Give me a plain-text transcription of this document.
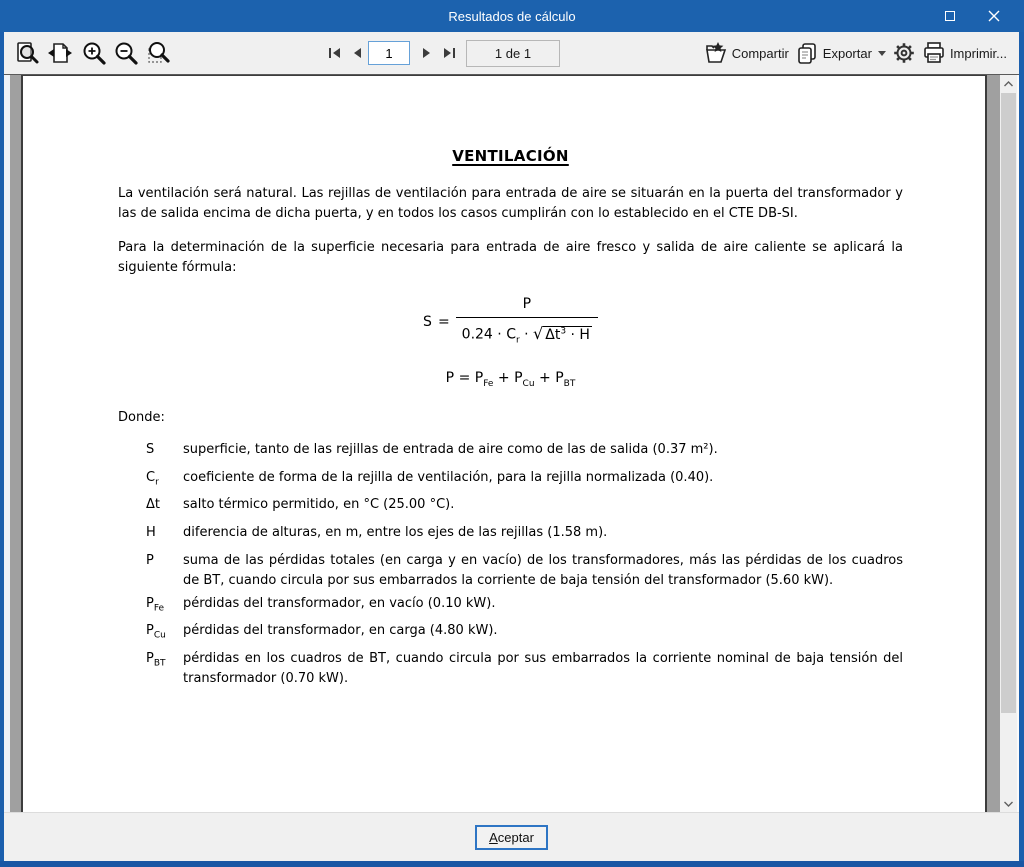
Resultados de cálculo
1
1 de 1	Compartir	Exportar	Imprimir...
VENTILACIÓN

La ventilación será natural. Las rejillas de ventilación para entrada de aire se situarán en la puerta del transformador y las de salida encima de dicha puerta, y en todos los casos cumplirán con lo establecido en el CTE DB-SI.

Para la determinación de la superficie necesaria para entrada de aire fresco y salida de aire caliente se aplicará la siguiente fórmula:

$S = \frac{P}{0.24 \cdot C_r \cdot √ \Delta t^3 \cdot H}$
$P = P_{Fe} + P_{Cu} + P_{BT}$
Donde:
S	superficie, tanto de las rejillas de entrada de aire como de las de salida (0.37 m²).
$C_r$	coeficiente de forma de la rejilla de ventilación, para la rejilla normalizada (0.40).
Δt	salto térmico permitido, en °C (25.00 °C).
H	diferencia de alturas, en m, entre los ejes de las rejillas (1.58 m).
P	suma de las pérdidas totales (en carga y en vacío) de los transformadores, más las pérdidas de los cuadros de BT, cuando circula por sus embarrados la corriente de baja tensión del transformador (5.60 kW).
$P_{Fe}$	pérdidas del transformador, en vacío (0.10 kW).
$P_{Cu}$	pérdidas del transformador, en carga (4.80 kW).
$P_{BT}$	pérdidas en los cuadros de BT, cuando circula por sus embarrados la corriente nominal de baja tensión del transformador (0.70 kW).
A ceptar
